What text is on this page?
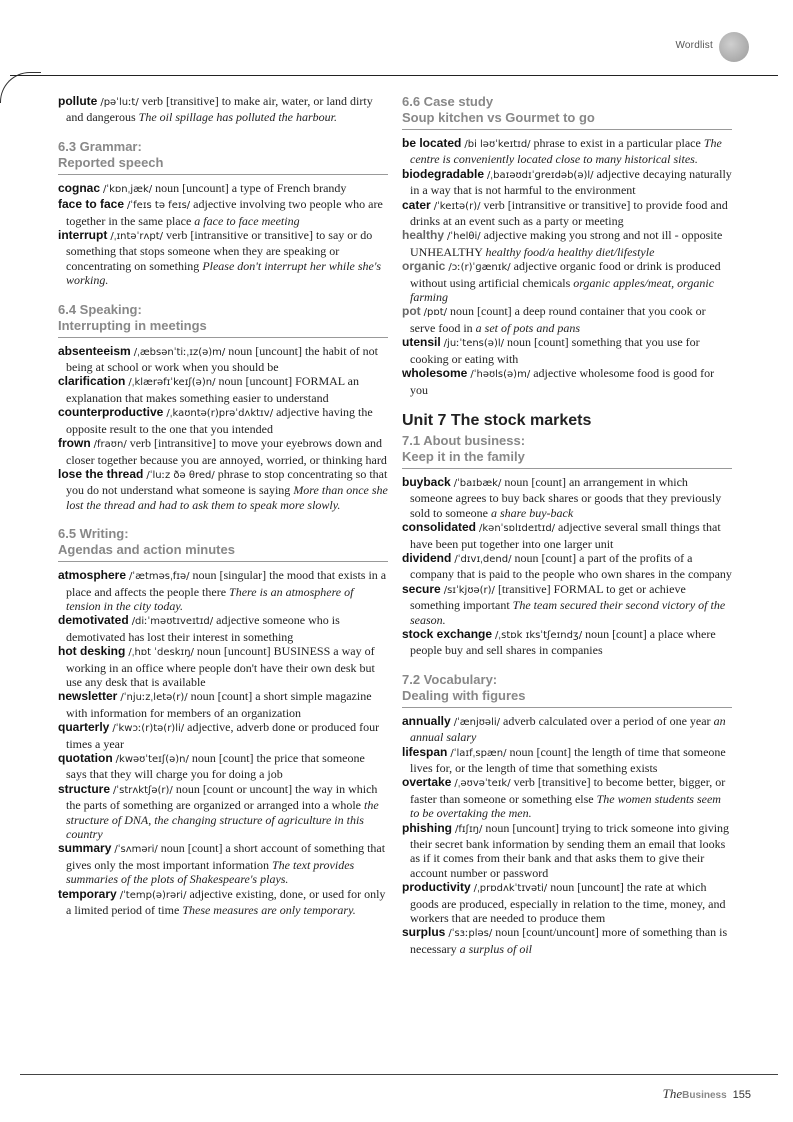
Wordlist

pollute /pəˈluːt/ verb [transitive] to make air, water, or land dirty and dangerous The oil spillage has polluted the harbour.

6.3 Grammar:
Reported speech

cognac /ˈkɒnˌjæk/ noun [uncount] a type of French brandy

face to face /ˈfeɪs tə feɪs/ adjective involving two people who are together in the same place a face to face meeting

interrupt /ˌɪntəˈrʌpt/ verb [intransitive or transitive] to say or do something that stops someone when they are speaking or concentrating on something Please don't interrupt her while she's working.

6.4 Speaking:
Interrupting in meetings

absenteeism /ˌæbsənˈtiːˌɪz(ə)m/ noun [uncount] the habit of not being at school or work when you should be

clarification /ˌklærəfɪˈkeɪʃ(ə)n/ noun [uncount] FORMAL an explanation that makes something easier to understand

counterproductive /ˌkaʊntə(r)prəˈdʌktɪv/ adjective having the opposite result to the one that you intended

frown /fraʊn/ verb [intransitive] to move your eyebrows down and closer together because you are annoyed, worried, or thinking hard

lose the thread /ˈluːz ðə θred/ phrase to stop concentrating so that you do not understand what someone is saying More than once she lost the thread and had to ask them to speak more slowly.

6.5 Writing:
Agendas and action minutes

atmosphere /ˈætməsˌfɪə/ noun [singular] the mood that exists in a place and affects the people there There is an atmosphere of tension in the city today.

demotivated /diːˈməʊtɪveɪtɪd/ adjective someone who is demotivated has lost their interest in something

hot desking /ˌhɒt ˈdeskɪŋ/ noun [uncount] BUSINESS a way of working in an office where people don't have their own desk but use any desk that is available

newsletter /ˈnjuːzˌletə(r)/ noun [count] a short simple magazine with information for members of an organization

quarterly /ˈkwɔː(r)tə(r)li/ adjective, adverb done or produced four times a year

quotation /kwəʊˈteɪʃ(ə)n/ noun [count] the price that someone says that they will charge you for doing a job

structure /ˈstrʌktʃə(r)/ noun [count or uncount] the way in which the parts of something are organized or arranged into a whole the structure of DNA, the changing structure of agriculture in this country

summary /ˈsʌməri/ noun [count] a short account of something that gives only the most important information The text provides summaries of the plots of Shakespeare's plays.

temporary /ˈtemp(ə)rəri/ adjective existing, done, or used for only a limited period of time These measures are only temporary.

6.6 Case study
Soup kitchen vs Gourmet to go

be located /bi ləʊˈkeɪtɪd/ phrase to exist in a particular place The centre is conveniently located close to many historical sites.

biodegradable /ˌbaɪəʊdɪˈɡreɪdəb(ə)l/ adjective decaying naturally in a way that is not harmful to the environment

cater /ˈkeɪtə(r)/ verb [intransitive or transitive] to provide food and drinks at an event such as a party or meeting

healthy /ˈhelθi/ adjective making you strong and not ill - opposite UNHEALTHY healthy food/a healthy diet/lifestyle

organic /ɔː(r)ˈɡænɪk/ adjective organic food or drink is produced without using artificial chemicals organic apples/meat, organic farming

pot /pɒt/ noun [count] a deep round container that you cook or serve food in a set of pots and pans

utensil /juːˈtens(ə)l/ noun [count] something that you use for cooking or eating with

wholesome /ˈhəʊls(ə)m/ adjective wholesome food is good for you

Unit 7 The stock markets
7.1 About business:
Keep it in the family

buyback /ˈbaɪbæk/ noun [count] an arrangement in which someone agrees to buy back shares or goods that they previously sold to someone a share buy-back

consolidated /kənˈsɒlɪdeɪtɪd/ adjective several small things that have been put together into one larger unit

dividend /ˈdɪvɪˌdend/ noun [count] a part of the profits of a company that is paid to the people who own shares in the company

secure /sɪˈkjʊə(r)/ [transitive] FORMAL to get or achieve something important The team secured their second victory of the season.

stock exchange /ˌstɒk ɪksˈtʃeɪndʒ/ noun [count] a place where people buy and sell shares in companies

7.2 Vocabulary:
Dealing with figures

annually /ˈænjʊəli/ adverb calculated over a period of one year an annual salary

lifespan /ˈlaɪfˌspæn/ noun [count] the length of time that someone lives for, or the length of time that something exists

overtake /ˌəʊvəˈteɪk/ verb [transitive] to become better, bigger, or faster than someone or something else The women students seem to be overtaking the men.

phishing /fɪʃɪŋ/ noun [uncount] trying to trick someone into giving their secret bank information by sending them an email that looks as if it comes from their bank and that asks them to give their account number or password

productivity /ˌprɒdʌkˈtɪvəti/ noun [uncount] the rate at which goods are produced, especially in relation to the time, money, and workers that are needed to produce them

surplus /ˈsɜːpləs/ noun [count/uncount] more of something than is necessary a surplus of oil

TheBusiness 155
